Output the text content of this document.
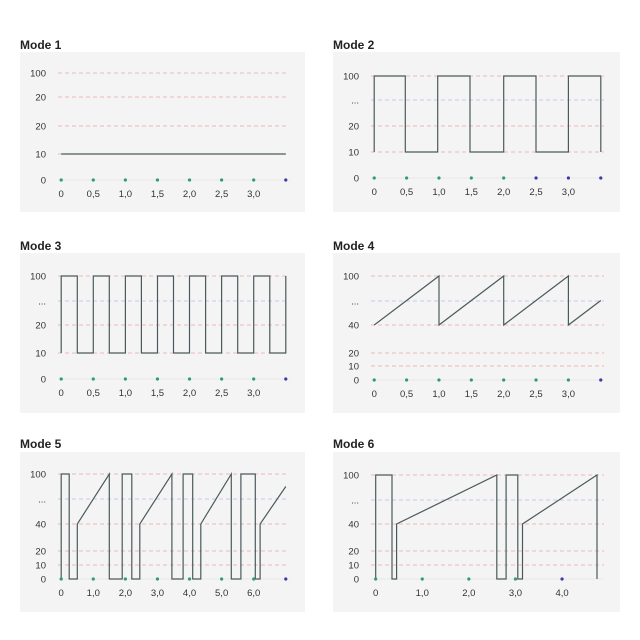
Mode 1	Mode 2
Mode 3	Mode 4
Mode 5	Mode 6
100
20
20
10
0
0 0,5 1,0 1,5 2,0 2,5 3,0
100
...
20
10
0
0 0,5 1,0 1,5 2,0 2,5 3,0
100
...
20
10
0
0 0,5 1,0 1,5 2,0 2,5 3,0
100
...
40
20
10
0
0 0,5 1,0 1,5 2,0 2,5 3,0
100
...
40
20
10
0
0 1,0 2,0 3,0 4,0 5,0 6,0
100
...
40
20
10
0
0	1,0	2,0	3,0	4,0
